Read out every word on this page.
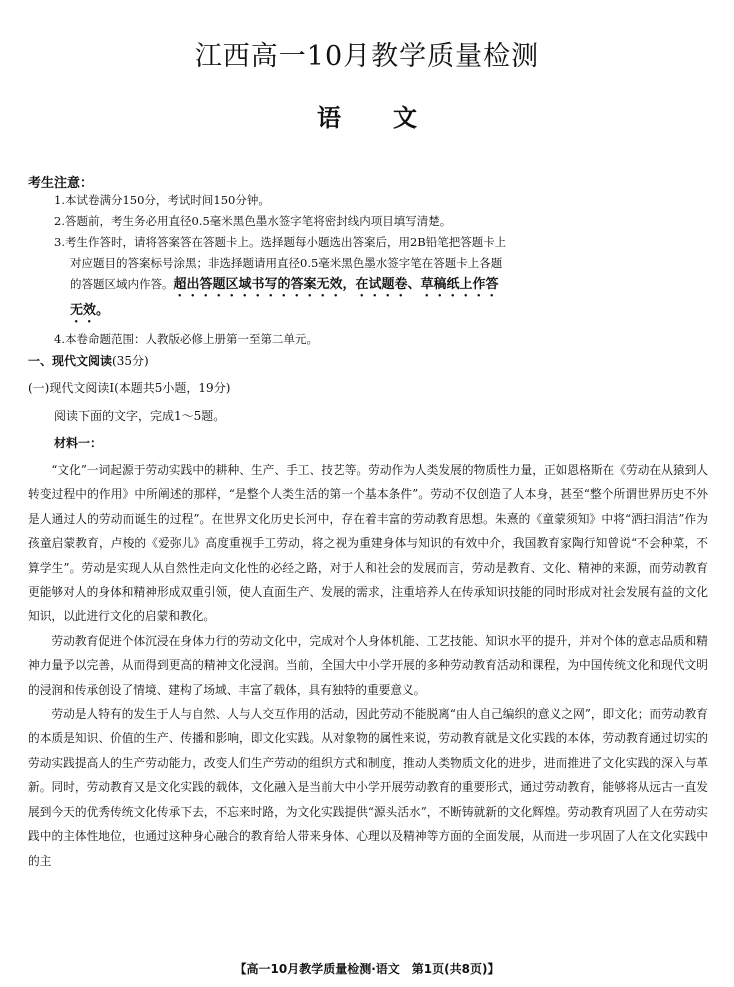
江西高一10月教学质量检测
语 文
考生注意：

1.本试卷满分150分，考试时间150分钟。

2.答题前，考生务必用直径0.5毫米黑色墨水签字笔将密封线内项目填写清楚。

3.考生作答时，请将答案答在答题卡上。选择题每小题选出答案后，用2B铅笔把答题卡上

对应题目的答案标号涂黑；非选择题请用直径0.5毫米黑色墨水签字笔在答题卡上各题

的答题区域内作答。超出答题区域书写的答案无效，在试题卷、草稿纸上作答

无效。

4.本卷命题范围：人教版必修上册第一至第二单元。

一、现代文阅读(35分)
(一)现代文阅读Ⅰ(本题共5小题，19分)
阅读下面的文字，完成1～5题。
材料一：

“文化”一词起源于劳动实践中的耕种、生产、手工、技艺等。劳动作为人类发展的物质性力量，正如恩格斯在《劳动在从猿到人转变过程中的作用》中所阐述的那样，“是整个人类生活的第一个基本条件”。劳动不仅创造了人本身，甚至“整个所谓世界历史不外是人通过人的劳动而诞生的过程”。在世界文化历史长河中，存在着丰富的劳动教育思想。朱熹的《童蒙须知》中将“洒扫涓洁”作为孩童启蒙教育，卢梭的《爱弥儿》高度重视手工劳动，将之视为重建身体与知识的有效中介，我国教育家陶行知曾说“不会种菜，不算学生”。劳动是实现人从自然性走向文化性的必经之路，对于人和社会的发展而言，劳动是教育、文化、精神的来源，而劳动教育更能够对人的身体和精神形成双重引领，使人直面生产、发展的需求，注重培养人在传承知识技能的同时形成对社会发展有益的文化知识，以此进行文化的启蒙和教化。

劳动教育促进个体沉浸在身体力行的劳动文化中，完成对个人身体机能、工艺技能、知识水平的提升，并对个体的意志品质和精神力量予以完善，从而得到更高的精神文化浸润。当前，全国大中小学开展的多种劳动教育活动和课程，为中国传统文化和现代文明的浸润和传承创设了情境、建构了场域、丰富了载体，具有独特的重要意义。

劳动是人特有的发生于人与自然、人与人交互作用的活动，因此劳动不能脱离“由人自己编织的意义之网”，即文化；而劳动教育的本质是知识、价值的生产、传播和影响，即文化实践。从对象物的属性来说，劳动教育就是文化实践的本体，劳动教育通过切实的劳动实践提高人的生产劳动能力，改变人们生产劳动的组织方式和制度，推动人类物质文化的进步，进而推进了文化实践的深入与革新。同时，劳动教育又是文化实践的载体，文化融入是当前大中小学开展劳动教育的重要形式，通过劳动教育，能够将从远古一直发展到今天的优秀传统文化传承下去，不忘来时路，为文化实践提供“源头活水”，不断铸就新的文化辉煌。劳动教育巩固了人在劳动实践中的主体性地位，也通过这种身心融合的教育给人带来身体、心理以及精神等方面的全面发展，从而进一步巩固了人在文化实践中的主

【高一10月教学质量检测·语文　第1页(共8页)】
